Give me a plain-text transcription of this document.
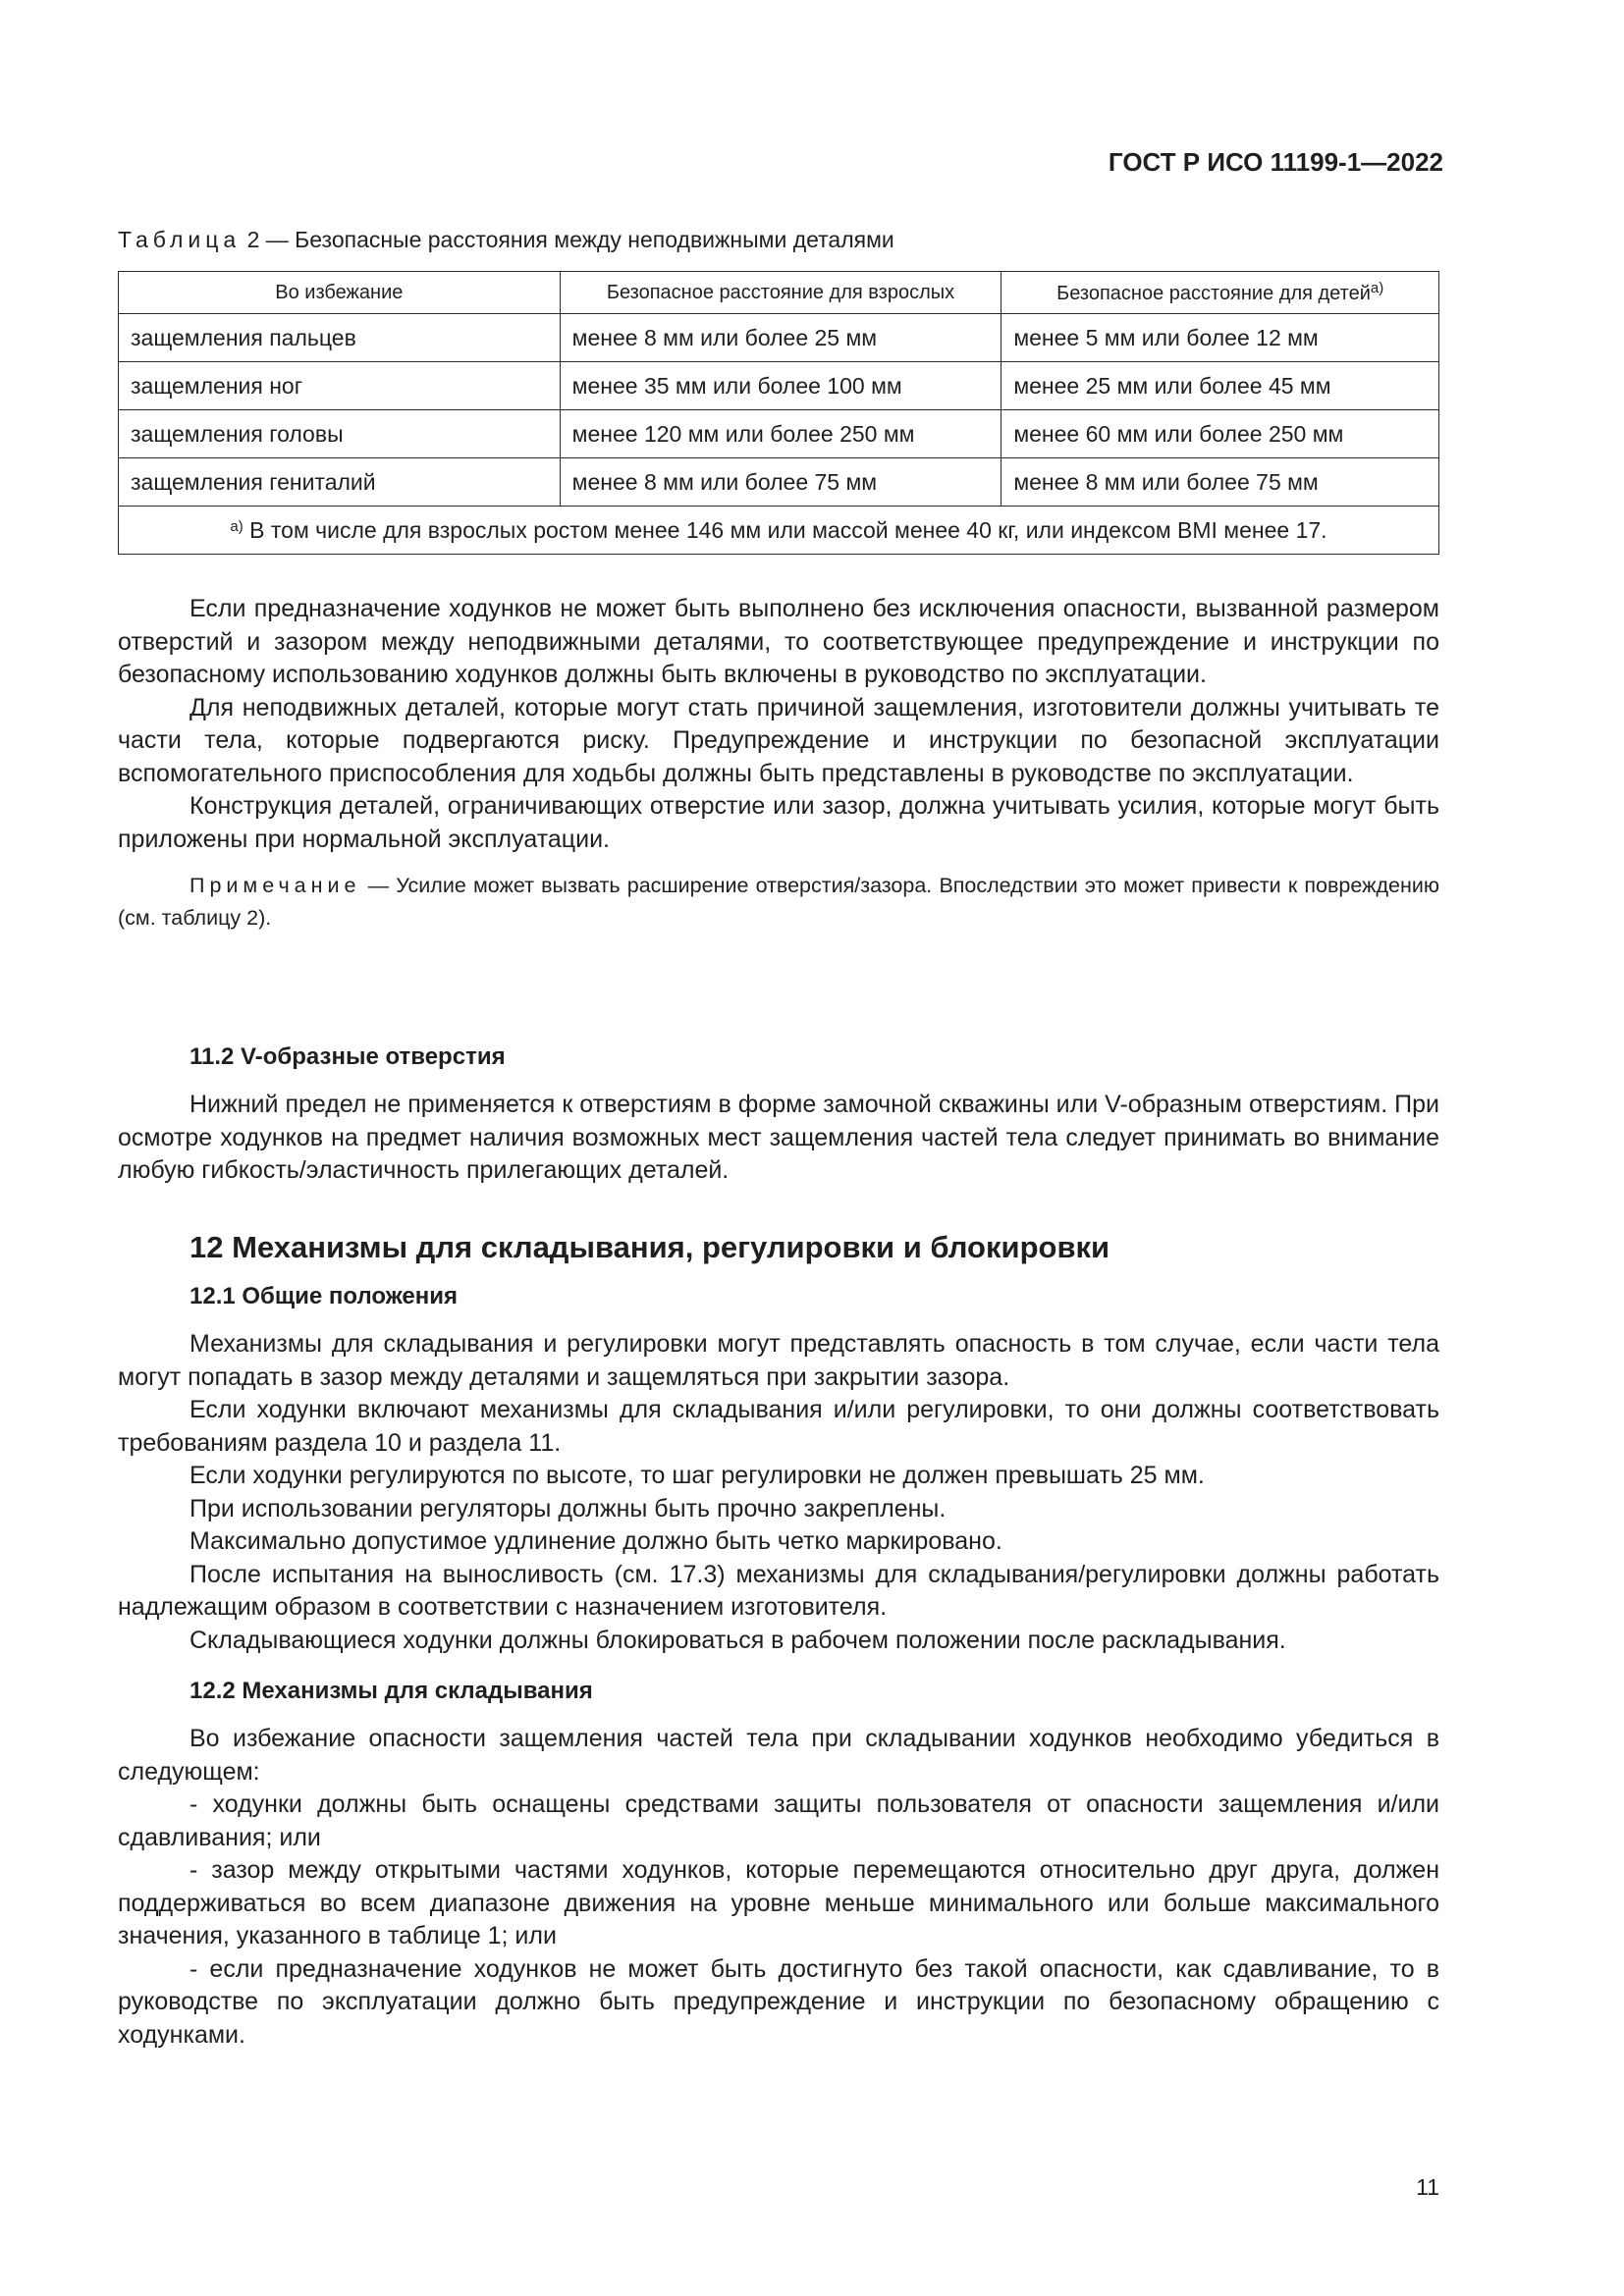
ГОСТ Р ИСО 11199-1—2022
Таблица 2 — Безопасные расстояния между неподвижными деталями
Во избежание	Безопасное расстояние для взрослых	Безопасное расстояние для детей$^{а)}$
защемления пальцев	менее 8 мм или более 25 мм	менее 5 мм или более 12 мм
защемления ног	менее 35 мм или более 100 мм	менее 25 мм или более 45 мм
защемления головы	менее 120 мм или более 250 мм	менее 60 мм или более 250 мм
защемления гениталий	менее 8 мм или более 75 мм	менее 8 мм или более 75 мм
$^{а)}$ В том числе для взрослых ростом менее 146 мм или массой менее 40 кг, или индексом BMI менее 17.		

Если предназначение ходунков не может быть выполнено без исключения опасности, вызванной размером отверстий и зазором между неподвижными деталями, то соответствующее предупреждение и инструкции по безопасному использованию ходунков должны быть включены в руководство по эксплуатации.

Для неподвижных деталей, которые могут стать причиной защемления, изготовители должны учитывать те части тела, которые подвергаются риску. Предупреждение и инструкции по безопасной эксплуатации вспомогательного приспособления для ходьбы должны быть представлены в руководстве по эксплуатации.

Конструкция деталей, ограничивающих отверстие или зазор, должна учитывать усилия, которые могут быть приложены при нормальной эксплуатации.

Примечание — Усилие может вызвать расширение отверстия/зазора. Впоследствии это может привести к повреждению (см. таблицу 2).

11.2 V-образные отверстия

Нижний предел не применяется к отверстиям в форме замочной скважины или V-образным отверстиям. При осмотре ходунков на предмет наличия возможных мест защемления частей тела следует принимать во внимание любую гибкость/эластичность прилегающих деталей.

12 Механизмы для складывания, регулировки и блокировки
12.1 Общие положения

Механизмы для складывания и регулировки могут представлять опасность в том случае, если части тела могут попадать в зазор между деталями и защемляться при закрытии зазора.

Если ходунки включают механизмы для складывания и/или регулировки, то они должны соответствовать требованиям раздела 10 и раздела 11.

Если ходунки регулируются по высоте, то шаг регулировки не должен превышать 25 мм.

При использовании регуляторы должны быть прочно закреплены.

Максимально допустимое удлинение должно быть четко маркировано.

После испытания на выносливость (см. 17.3) механизмы для складывания/регулировки должны работать надлежащим образом в соответствии с назначением изготовителя.

Складывающиеся ходунки должны блокироваться в рабочем положении после раскладывания.

12.2 Механизмы для складывания

Во избежание опасности защемления частей тела при складывании ходунков необходимо убедиться в следующем:

- ходунки должны быть оснащены средствами защиты пользователя от опасности защемления и/или сдавливания; или

- зазор между открытыми частями ходунков, которые перемещаются относительно друг друга, должен поддерживаться во всем диапазоне движения на уровне меньше минимального или больше максимального значения, указанного в таблице 1; или

- если предназначение ходунков не может быть достигнуто без такой опасности, как сдавливание, то в руководстве по эксплуатации должно быть предупреждение и инструкции по безопасному обращению с ходунками.

11
